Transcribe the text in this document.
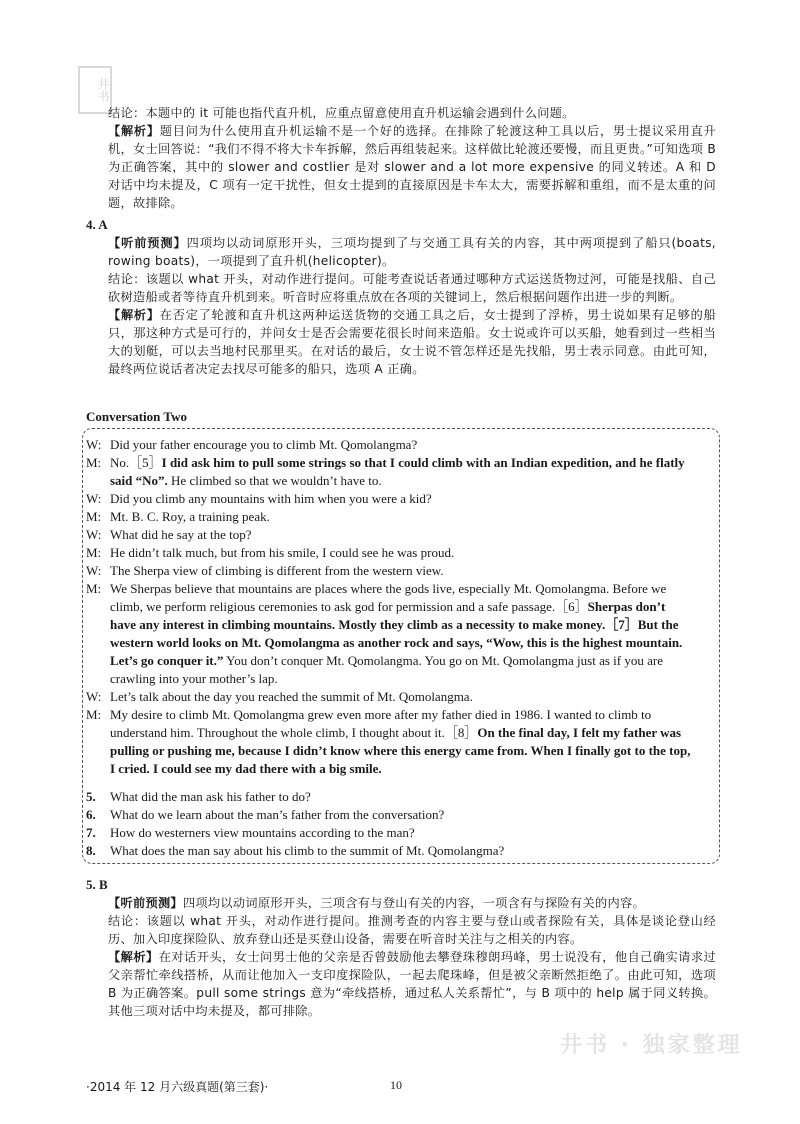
井书

结论：本题中的 it 可能也指代直升机，应重点留意使用直升机运输会遇到什么问题。

【解析】题目问为什么使用直升机运输不是一个好的选择。在排除了轮渡这种工具以后，男士提议采用直升机，女士回答说：“我们不得不将大卡车拆解，然后再组装起来。这样做比轮渡还要慢，而且更贵。”可知选项 B 为正确答案，其中的 slower and costlier 是对 slower and a lot more expensive 的同义转述。A 和 D 对话中均未提及，C 项有一定干扰性，但女士提到的直接原因是卡车太大，需要拆解和重组，而不是太重的问题，故排除。

4. A

【听前预测】四项均以动词原形开头，三项均提到了与交通工具有关的内容，其中两项提到了船只(boats, rowing boats)，一项提到了直升机(helicopter)。

结论：该题以 what 开头，对动作进行提问。可能考查说话者通过哪种方式运送货物过河，可能是找船、自己砍树造船或者等待直升机到来。听音时应将重点放在各项的关键词上，然后根据问题作出进一步的判断。

【解析】在否定了轮渡和直升机这两种运送货物的交通工具之后，女士提到了浮桥，男士说如果有足够的船只，那这种方式是可行的，并问女士是否会需要花很长时间来造船。女士说或许可以买船，她看到过一些相当大的划艇，可以去当地村民那里买。在对话的最后，女士说不管怎样还是先找船，男士表示同意。由此可知，最终两位说话者决定去找尽可能多的船只，选项 A 正确。

Conversation Two
W: Did your father encourage you to climb Mt. Qomolangma?
M: No.［5］I did ask him to pull some strings so that I could climb with an Indian expedition, and he flatly
said “No”. He climbed so that we wouldn’t have to.
W: Did you climb any mountains with him when you were a kid?
M: Mt. B. C. Roy, a training peak.
W: What did he say at the top?
M: He didn’t talk much, but from his smile, I could see he was proud.
W: The Sherpa view of climbing is different from the western view.
M: We Sherpas believe that mountains are places where the gods live, especially Mt. Qomolangma. Before we
climb, we perform religious ceremonies to ask god for permission and a safe passage.［6］Sherpas don’t
have any interest in climbing mountains. Mostly they climb as a necessity to make money.［7］But the
western world looks on Mt. Qomolangma as another rock and says, “Wow, this is the highest mountain.
Let’s go conquer it.” You don’t conquer Mt. Qomolangma. You go on Mt. Qomolangma just as if you are
crawling into your mother’s lap.
W: Let’s talk about the day you reached the summit of Mt. Qomolangma.
M: My desire to climb Mt. Qomolangma grew even more after my father died in 1986. I wanted to climb to
understand him. Throughout the whole climb, I thought about it.［8］On the final day, I felt my father was
pulling or pushing me, because I didn’t know where this energy came from. When I finally got to the top,
I cried. I could see my dad there with a big smile.
5. What did the man ask his father to do?
6. What do we learn about the man’s father from the conversation?
7. How do westerners view mountains according to the man?
8. What does the man say about his climb to the summit of Mt. Qomolangma?
5. B

【听前预测】四项均以动词原形开头，三项含有与登山有关的内容，一项含有与探险有关的内容。

结论：该题以 what 开头，对动作进行提问。推测考查的内容主要与登山或者探险有关，具体是谈论登山经历、加入印度探险队、放弃登山还是买登山设备，需要在听音时关注与之相关的内容。

【解析】在对话开头，女士问男士他的父亲是否曾鼓励他去攀登珠穆朗玛峰，男士说没有，他自己确实请求过父亲帮忙牵线搭桥，从而让他加入一支印度探险队，一起去爬珠峰，但是被父亲断然拒绝了。由此可知，选项 B 为正确答案。pull some strings 意为“牵线搭桥，通过私人关系帮忙”，与 B 项中的 help 属于同义转换。其他三项对话中均未提及，都可排除。

井书 · 独家整理
·2014 年 12 月六级真题(第三套)·	10
